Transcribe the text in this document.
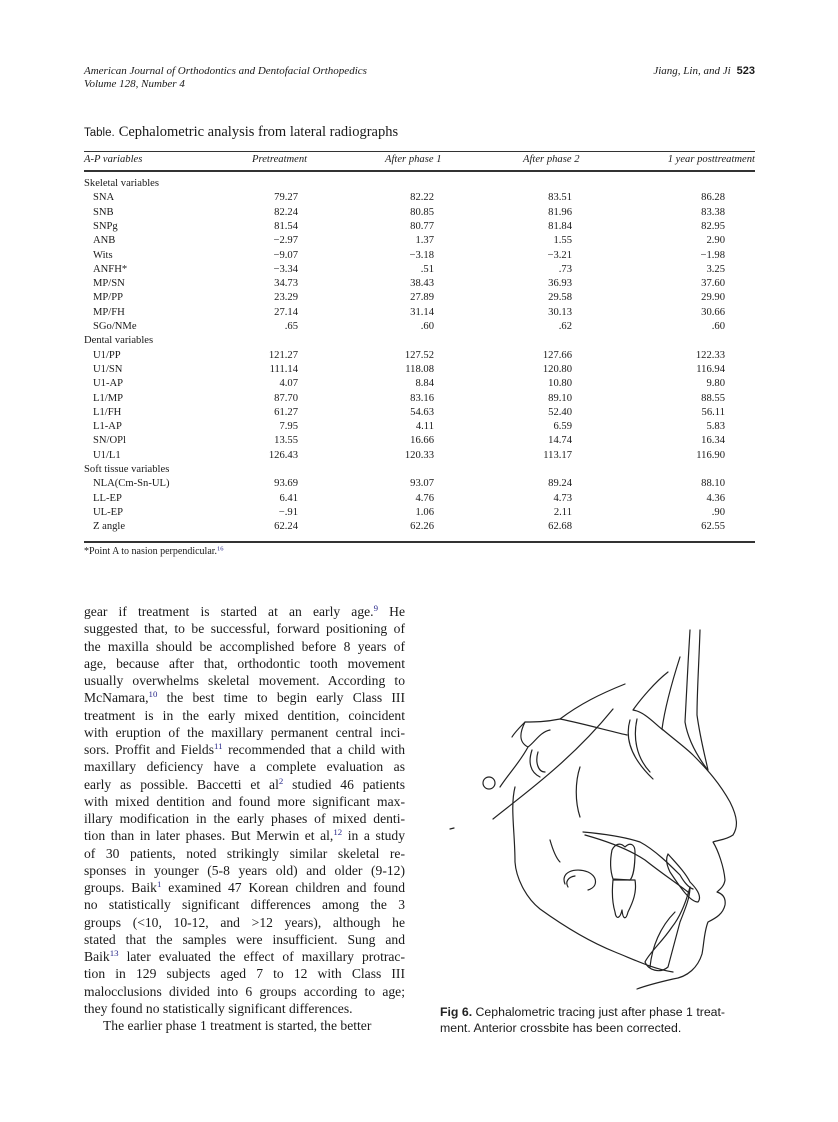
American Journal of Orthodontics and Dentofacial Orthopedics
Volume 128, Number 4
Jiang, Lin, and Ji 523
Table. Cephalometric analysis from lateral radiographs
A-P variables	Pretreatment	After phase 1	After phase 2	1 year posttreatment
Skeletal variables
SNA	79.27	82.22	83.51	86.28
SNB	82.24	80.85	81.96	83.38
SNPg	81.54	80.77	81.84	82.95
ANB	−2.97	1.37	1.55	2.90
Wits	−9.07	−3.18	−3.21	−1.98
ANFH*	−3.34	.51	.73	3.25
MP/SN	34.73	38.43	36.93	37.60
MP/PP	23.29	27.89	29.58	29.90
MP/FH	27.14	31.14	30.13	30.66
SGo/NMe	.65	.60	.62	.60
Dental variables
U1/PP	121.27	127.52	127.66	122.33
U1/SN	111.14	118.08	120.80	116.94
U1-AP	4.07	8.84	10.80	9.80
L1/MP	87.70	83.16	89.10	88.55
L1/FH	61.27	54.63	52.40	56.11
L1-AP	7.95	4.11	6.59	5.83
SN/OPl	13.55	16.66	14.74	16.34
U1/L1	126.43	120.33	113.17	116.90
Soft tissue variables
NLA(Cm-Sn-UL)	93.69	93.07	89.24	88.10
LL-EP	6.41	4.76	4.73	4.36
UL-EP	−.91	1.06	2.11	.90
Z angle	62.24	62.26	62.68	62.55
*Point A to nasion perpendicular.$^{16}$
gear if treatment is started at an early age.$^9$ He
suggested that, to be successful, forward positioning of
the maxilla should be accomplished before 8 years of
age, because after that, orthodontic tooth movement
usually overwhelms skeletal movement. According to
McNamara,$^{10}$ the best time to begin early Class III
treatment is in the early mixed dentition, coincident
with eruption of the maxillary permanent central inci-
sors. Proffit and Fields$^{11}$ recommended that a child with
maxillary deficiency have a complete evaluation as
early as possible. Baccetti et $al^2$ studied 46 patients
with mixed dentition and found more significant max-
illary modification in the early phases of mixed denti-
tion than in later phases. But Merwin et al,$^{12}$ in a study
of 30 patients, noted strikingly similar skeletal re-
sponses in younger (5-8 years old) and older (9-12)
groups. Baik$^1$ examined 47 Korean children and found
no statistically significant differences among the 3
groups (<10, 10-12, and >12 years), although he
stated that the samples were insufficient. Sung and
Baik$^{13}$ later evaluated the effect of maxillary protrac-
tion in 129 subjects aged 7 to 12 with Class III
malocclusions divided into 6 groups according to age;
they found no statistically significant differences.
The earlier phase 1 treatment is started, the better
Fig 6. Cephalometric tracing just after phase 1 treat-
ment. Anterior crossbite has been corrected.
